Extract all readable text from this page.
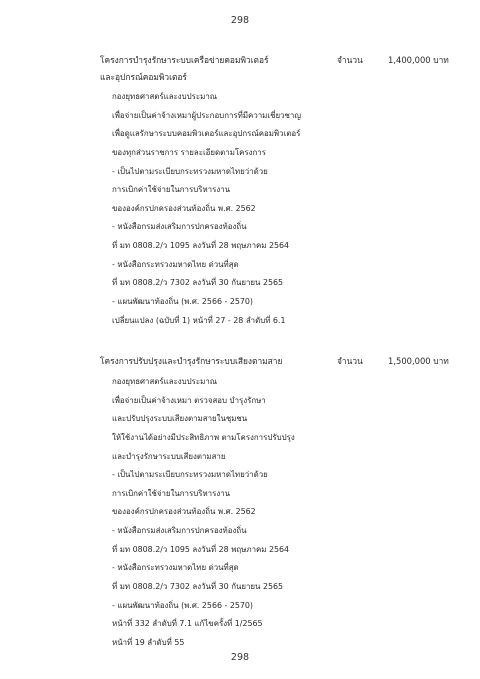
298
โครงการบำรุงรักษาระบบเครือข่ายคอมพิวเตอร์
และอุปกรณ์คอมพิวเตอร์
จำนวน	1,400,000 บาท
กองยุทธศาสตร์และงบประมาณ
เพื่อจ่ายเป็นค่าจ้างเหมาผู้ประกอบการที่มีความเชี่ยวชาญ
เพื่อดูแลรักษาระบบคอมพิวเตอร์และอุปกรณ์คอมพิวเตอร์
ของทุกส่วนราชการ รายละเอียดตามโครงการ
- เป็นไปตามระเบียบกระทรวงมหาดไทยว่าด้วย
การเบิกค่าใช้จ่ายในการบริหารงาน
ขององค์กรปกครองส่วนท้องถิ่น พ.ศ. 2562
- หนังสือกรมส่งเสริมการปกครองท้องถิ่น
ที่ มท 0808.2/ว 1095 ลงวันที่ 28 พฤษภาคม 2564
- หนังสือกระทรวงมหาดไทย ด่วนที่สุด
ที่ มท 0808.2/ว 7302 ลงวันที่ 30 กันยายน 2565
- แผนพัฒนาท้องถิ่น (พ.ศ. 2566 - 2570)
เปลี่ยนแปลง (ฉบับที่ 1) หน้าที่ 27 - 28 ลำดับที่ 6.1
โครงการปรับปรุงและบำรุงรักษาระบบเสียงตามสาย	จำนวน	1,500,000 บาท
กองยุทธศาสตร์และงบประมาณ
เพื่อจ่ายเป็นค่าจ้างเหมา ตรวจสอบ บำรุงรักษา
และปรับปรุงระบบเสียงตามสายในชุมชน
ให้ใช้งานได้อย่างมีประสิทธิภาพ ตามโครงการปรับปรุง
และบำรุงรักษาระบบเสียงตามสาย
- เป็นไปตามระเบียบกระทรวงมหาดไทยว่าด้วย
การเบิกค่าใช้จ่ายในการบริหารงาน
ขององค์กรปกครองส่วนท้องถิ่น พ.ศ. 2562
- หนังสือกรมส่งเสริมการปกครองท้องถิ่น
ที่ มท 0808.2/ว 1095 ลงวันที่ 28 พฤษภาคม 2564
- หนังสือกระทรวงมหาดไทย ด่วนที่สุด
ที่ มท 0808.2/ว 7302 ลงวันที่ 30 กันยายน 2565
- แผนพัฒนาท้องถิ่น (พ.ศ. 2566 - 2570)
หน้าที่ 332 ลำดับที่ 7.1 แก้ไขครั้งที่ 1/2565
หน้าที่ 19 ลำดับที่ 55
298
